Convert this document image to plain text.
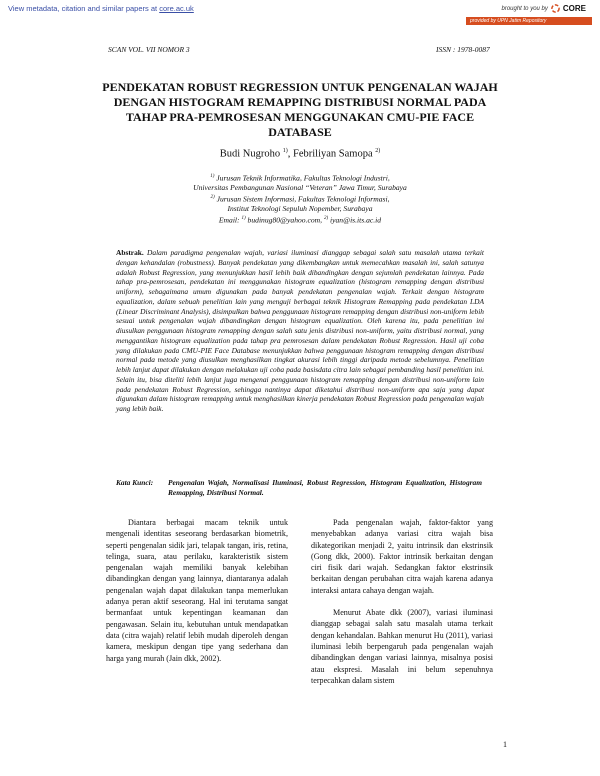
View metadata, citation and similar papers at core.ac.uk	brought to you by CORE
provided by UPN Jatim Repository
SCAN VOL. VII NOMOR 3	ISSN : 1978-0087
PENDEKATAN ROBUST REGRESSION UNTUK PENGENALAN WAJAH DENGAN HISTOGRAM REMAPPING DISTRIBUSI NORMAL PADA TAHAP PRA-PEMROSESAN MENGGUNAKAN CMU-PIE FACE DATABASE
Budi Nugroho $^{1)}$, Febriliyan Samopa $^{2)}$
$^{1)}$ Jurusan Teknik Informatika, Fakultas Teknologi Industri,
Universitas Pembangunan Nasional “Veteran” Jawa Timur, Surabaya
$^{2)}$ Jurusan Sistem Informasi, Fakultas Teknologi Informasi,
Institut Teknologi Sepuluh Nopember, Surabaya
Email: $^{1)}$ budinug80@yahoo.com, $^{2)}$ iyan@is.its.ac.id
Abstrak. Dalam paradigma pengenalan wajah, variasi iluminasi dianggap sebagai salah satu masalah utama terkait dengan kehandalan (robustness). Banyak pendekatan yang dikembangkan untuk memecahkan masalah ini, salah satunya adalah Robust Regression, yang menunjukkan hasil lebih baik dibandingkan dengan sejumlah pendekatan lainnya. Pada tahap pra-pemrosesan, pendekatan ini menggunakan histogram equalization (histogram remapping dengan distribusi uniform), sebagaimana umum digunakan pada banyak pendekatan pengenalan wajah. Terkait dengan histogram equalization, dalam sebuah penelitian lain yang menguji berbagai teknik Histogram Remapping pada pendekatan LDA (Linear Discriminant Analysis), disimpulkan bahwa penggunaan histogram remapping dengan distribusi non-uniform lebih sesuai untuk pengenalan wajah dibandingkan dengan histogram equalization. Oleh karena itu, pada penelitian ini diusulkan penggunaan histogram remapping dengan salah satu jenis distribusi non-uniform, yaitu distribusi normal, yang menggantikan histogram equalization pada tahap pra pemrosesan dalam pendekatan Robust Regression. Hasil uji coba yang dilakukan pada CMU-PIE Face Database menunjukkan bahwa penggunaan histogram remapping dengan distribusi normal pada metode yang diusulkan menghasilkan tingkat akurasi lebih tinggi daripada metode sebelumnya. Penelitian lebih lanjut dapat dilakukan dengan melakukan uji coba pada basisdata citra lain sebagai pembanding hasil penelitian ini. Selain itu, bisa diteliti lebih lanjut juga mengenai penggunaan histogram remapping dengan distribusi non-uniform lain pada pendekatan Robust Regression, sehingga nantinya dapat diketahui distribusi non-uniform apa saja yang dapat digunakan dalam histogram remapping untuk menghasilkan kinerja pendekatan Robust Regression pada pengenalan wajah yang lebih baik.
Kata Kunci: Pengenalan Wajah, Normalisasi Iluminasi, Robust Regression, Histogram Equalization, Histogram Remapping, Distribusi Normal.

Diantara berbagai macam teknik untuk mengenali identitas seseorang berdasarkan biometrik, seperti pengenalan sidik jari, telapak tangan, iris, retina, telinga, suara, atau perilaku, karakteristik sistem pengenalan wajah memiliki banyak kelebihan dibandingkan dengan yang lainnya, diantaranya adalah pengenalan wajah dapat dilakukan tanpa memerlukan adanya peran aktif seseorang. Hal ini terutama sangat bermanfaat untuk kepentingan keamanan dan pengawasan. Selain itu, kebutuhan untuk mendapatkan data (citra wajah) relatif lebih mudah diperoleh dengan kamera, meskipun dengan tipe yang sederhana dan harga yang murah (Jain dkk, 2002).

Pada pengenalan wajah, faktor-faktor yang menyebabkan adanya variasi citra wajah bisa dikategorikan menjadi 2, yaitu intrinsik dan ekstrinsik (Gong dkk, 2000). Faktor intrinsik berkaitan dengan ciri fisik dari wajah. Sedangkan faktor ekstrinsik berkaitan dengan perubahan citra wajah karena adanya interaksi antara cahaya dengan wajah.

Menurut Abate dkk (2007), variasi iluminasi dianggap sebagai salah satu masalah utama terkait dengan kehandalan. Bahkan menurut Hu (2011), variasi iluminasi lebih berpengaruh pada pengenalan wajah dibandingkan dengan variasi lainnya, misalnya posisi atau ekspresi. Masalah ini belum sepenuhnya terpecahkan dalam sistem

1
